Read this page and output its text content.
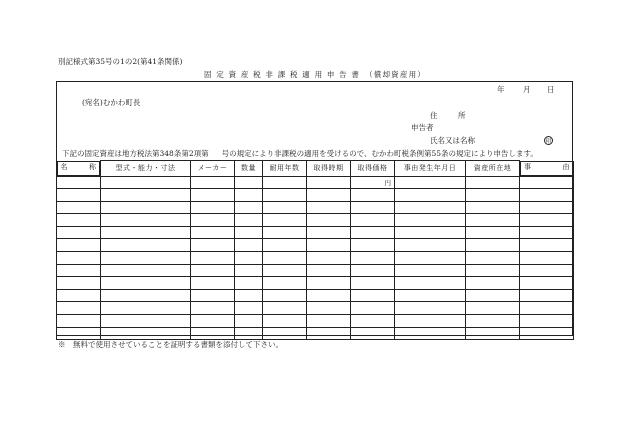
別記様式第35号の1の2(第41条関係)
固 定 資 産 税 非 課 税 適 用 申 告 書　（償却資産用）
年 月 日
(宛名)むかわ町長
住	所
申告者
氏名又は名称	印
下記の固定資産は地方税法第348条第2項第 号の規定により非課税の適用を受けるので、むかわ町税条例第55条の規定により申告します。
名	称	型式・能力・寸法	メーカー	数量	耐用年数	取得時期	取得価格	事由発生年月日	資産所在地	事	由

						円			

※　無料で使用させていることを証明する書類を添付して下さい。
